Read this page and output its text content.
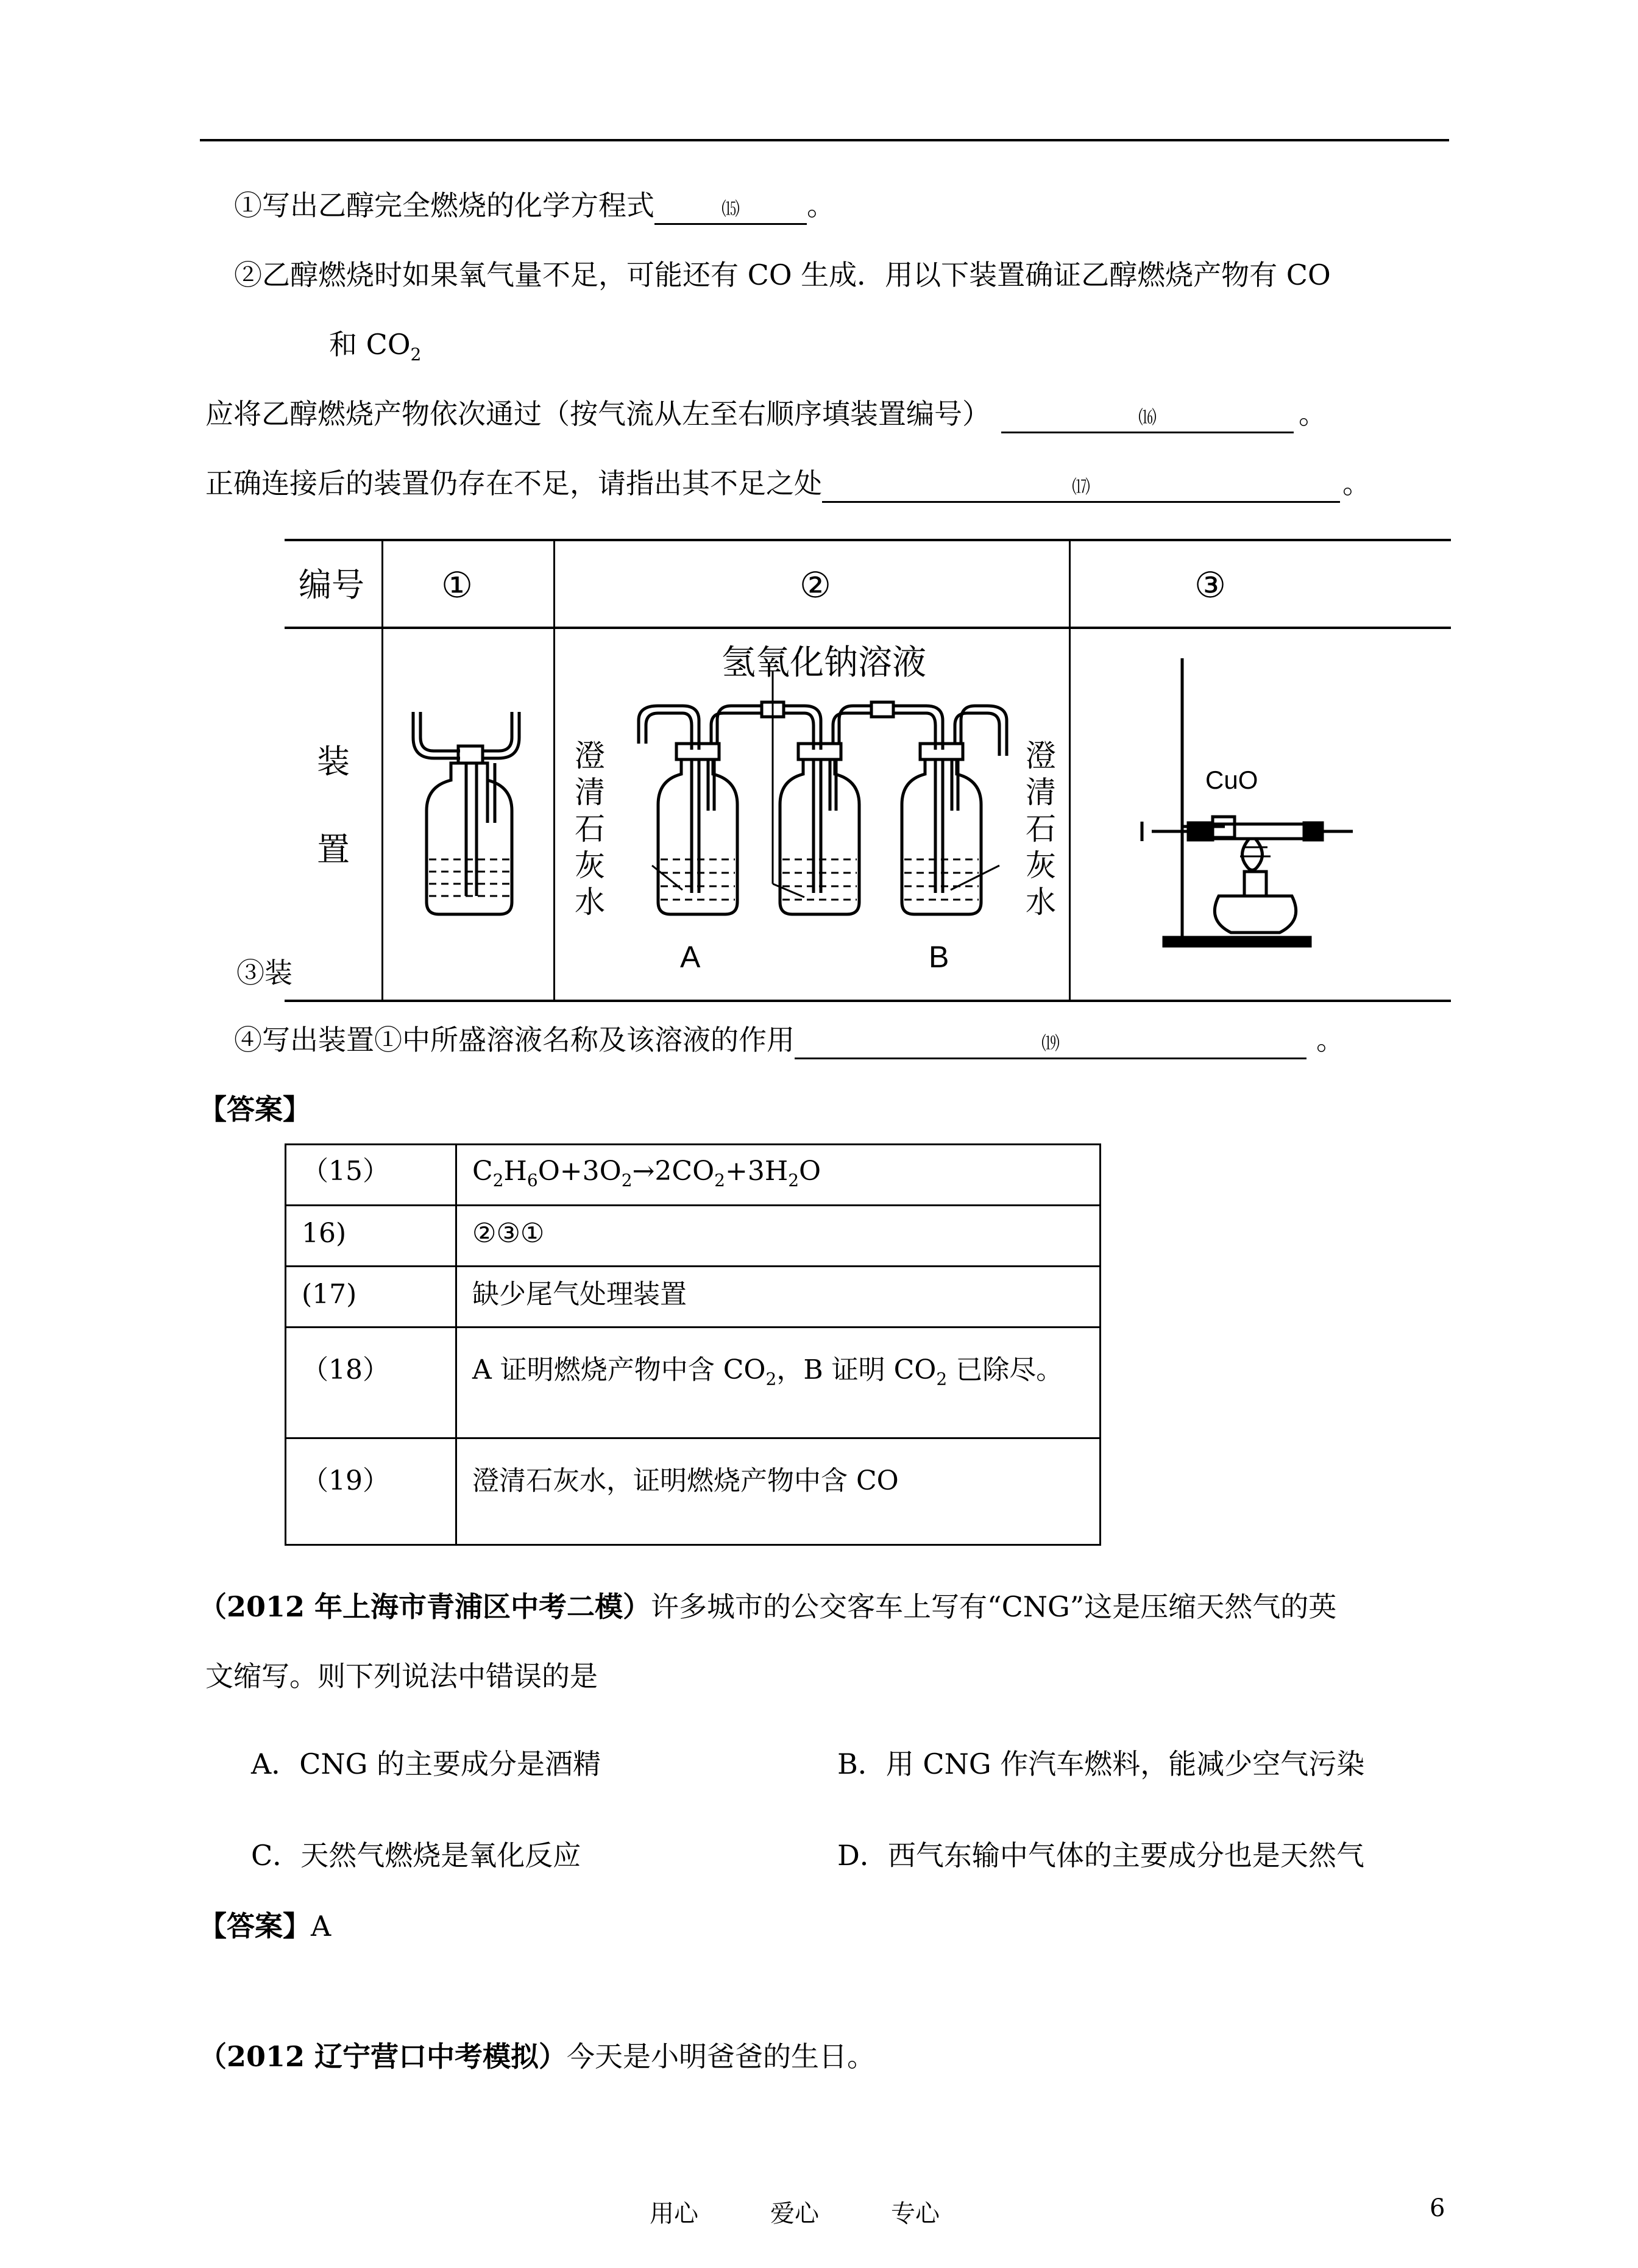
①写出乙醇完全燃烧的化学方程式	⒂ 。
②乙醇燃烧时如果氧气量不足，可能还有 CO 生成．用以下装置确证乙醇燃烧产物有 CO
和 $CO_2$
应将乙醇燃烧产物依次通过（按气流从左至右顺序填装置编号）	⒃	。
正确连接后的装置仍存在不足，请指出其不足之处	⒄	。
编号 ①	②	③
装
置
③装
氢氧化钠溶液
澄
清
石
灰
水
澄
清
石
灰
水
A	B
CuO
④写出装置①中所盛溶液名称及该溶液的作用	⒆	。
【答案】
（15）	$C_2H_6O+3O_2\to 2CO_2+3H_2O$
16)	②③①
(17)	缺少尾气处理装置
（18）	A 证明燃烧产物中含 $CO_2$，B 证明 $CO_2$ 已除尽。
（19）	澄清石灰水，证明燃烧产物中含 CO
（2012 年上海市青浦区中考二模）许多城市的公交客车上写有“CNG”这是压缩天然气的英
文缩写。则下列说法中错误的是
A．CNG 的主要成分是酒精	B．用 CNG 作汽车燃料，能减少空气污染
C．天然气燃烧是氧化反应	D．西气东输中气体的主要成分也是天然气
【答案】A
（2012 辽宁营口中考模拟）今天是小明爸爸的生日。
用心	爱心	专心	6
